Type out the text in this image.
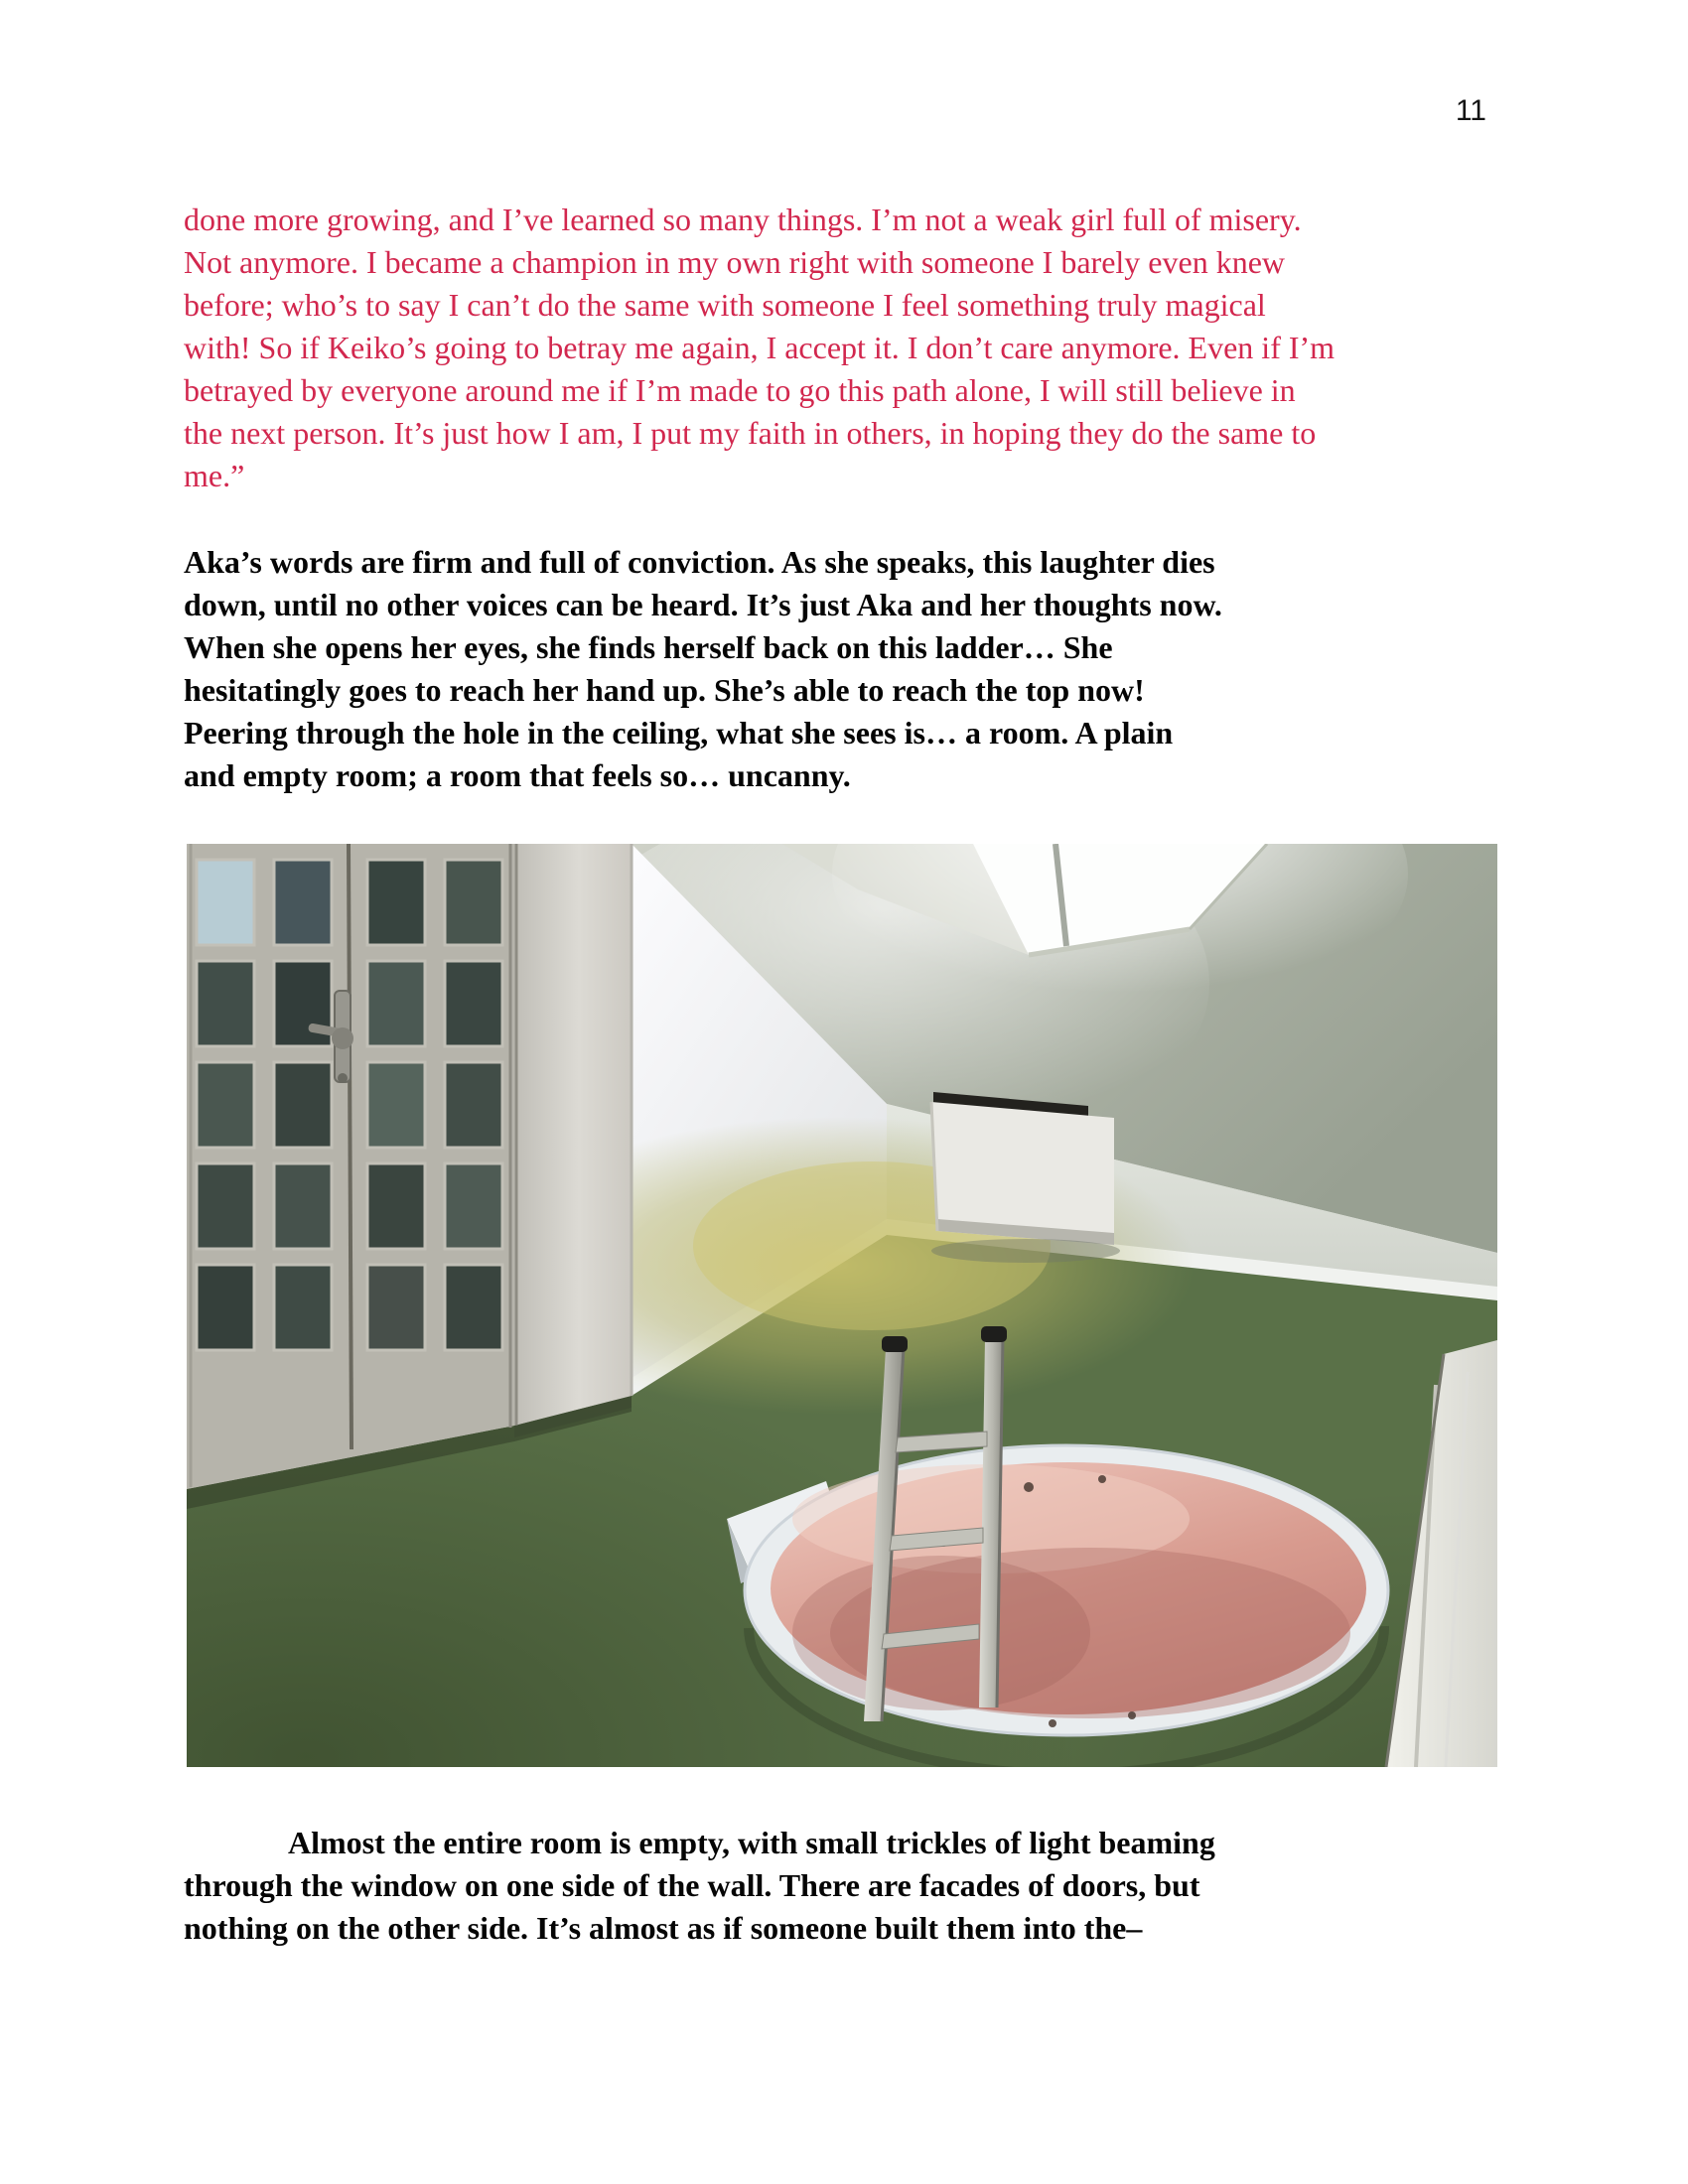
11
done more growing, and I’ve learned so many things. I’m not a weak girl full of misery.
Not anymore. I became a champion in my own right with someone I barely even knew
before; who’s to say I can’t do the same with someone I feel something truly magical
with! So if Keiko’s going to betray me again, I accept it. I don’t care anymore. Even if I’m
betrayed by everyone around me if I’m made to go this path alone, I will still believe in
the next person. It’s just how I am, I put my faith in others, in hoping they do the same to
me.”
Aka’s words are firm and full of conviction. As she speaks, this laughter dies
down, until no other voices can be heard. It’s just Aka and her thoughts now.
When she opens her eyes, she finds herself back on this ladder… She
hesitatingly goes to reach her hand up. She’s able to reach the top now!
Peering through the hole in the ceiling, what she sees is… a room. A plain
and empty room; a room that feels so… uncanny.
Almost the entire room is empty, with small trickles of light beaming
through the window on one side of the wall. There are facades of doors, but
nothing on the other side. It’s almost as if someone built them into the–
